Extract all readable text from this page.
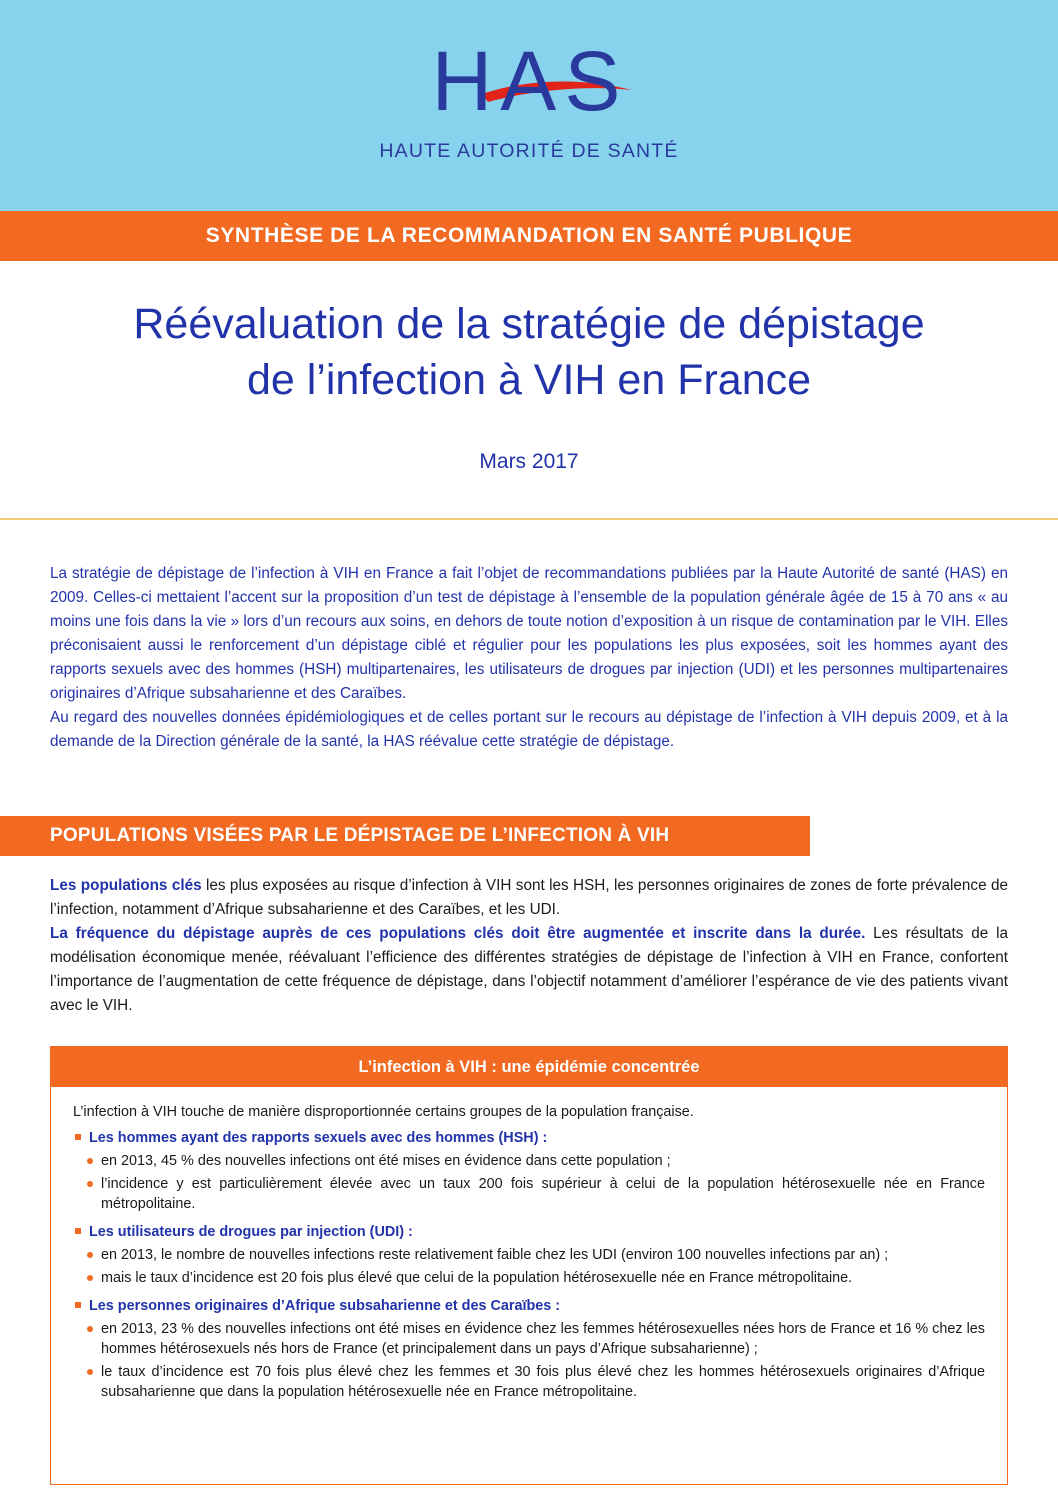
HAS
HAUTE AUTORITÉ DE SANTÉ
SYNTHÈSE DE LA RECOMMANDATION EN SANTÉ PUBLIQUE
Réévaluation de la stratégie de dépistage
de l’infection à VIH en France
Mars 2017

La stratégie de dépistage de l’infection à VIH en France a fait l’objet de recommandations publiées par la Haute Autorité de santé (HAS) en 2009. Celles-ci mettaient l’accent sur la proposition d’un test de dépistage à l’ensemble de la population générale âgée de 15 à 70 ans « au moins une fois dans la vie » lors d’un recours aux soins, en dehors de toute notion d’exposition à un risque de contamination par le VIH. Elles préconisaient aussi le renforcement d’un dépistage ciblé et régulier pour les populations les plus exposées, soit les hommes ayant des rapports sexuels avec des hommes (HSH) multipartenaires, les utilisateurs de drogues par injection (UDI) et les personnes multipartenaires originaires d’Afrique subsaharienne et des Caraïbes.

Au regard des nouvelles données épidémiologiques et de celles portant sur le recours au dépistage de l’infection à VIH depuis 2009, et à la demande de la Direction générale de la santé, la HAS réévalue cette stratégie de dépistage.

POPULATIONS VISÉES PAR LE DÉPISTAGE DE L’INFECTION À VIH

Les populations clés les plus exposées au risque d’infection à VIH sont les HSH, les personnes originaires de zones de forte prévalence de l’infection, notamment d’Afrique subsaharienne et des Caraïbes, et les UDI.

La fréquence du dépistage auprès de ces populations clés doit être augmentée et inscrite dans la durée. Les résultats de la modélisation économique menée, réévaluant l’efficience des différentes stratégies de dépistage de l’infection à VIH en France, confortent l’importance de l’augmentation de cette fréquence de dépistage, dans l’objectif notamment d’améliorer l’espérance de vie des patients vivant avec le VIH.

L’infection à VIH : une épidémie concentrée
L’infection à VIH touche de manière disproportionnée certains groupes de la population française.
Les hommes ayant des rapports sexuels avec des hommes (HSH) :
en 2013, 45 % des nouvelles infections ont été mises en évidence dans cette population ;
l’incidence y est particulièrement élevée avec un taux 200 fois supérieur à celui de la population hétérosexuelle née en France métropolitaine.
Les utilisateurs de drogues par injection (UDI) :
en 2013, le nombre de nouvelles infections reste relativement faible chez les UDI (environ 100 nouvelles infections par an) ;
mais le taux d’incidence est 20 fois plus élevé que celui de la population hétérosexuelle née en France métropolitaine.
Les personnes originaires d’Afrique subsaharienne et des Caraïbes :
en 2013, 23 % des nouvelles infections ont été mises en évidence chez les femmes hétérosexuelles nées hors de France et 16 % chez les hommes hétérosexuels nés hors de France (et principalement dans un pays d’Afrique subsaharienne) ;
le taux d’incidence est 70 fois plus élevé chez les femmes et 30 fois plus élevé chez les hommes hétérosexuels originaires d’Afrique subsaharienne que dans la population hétérosexuelle née en France métropolitaine.
